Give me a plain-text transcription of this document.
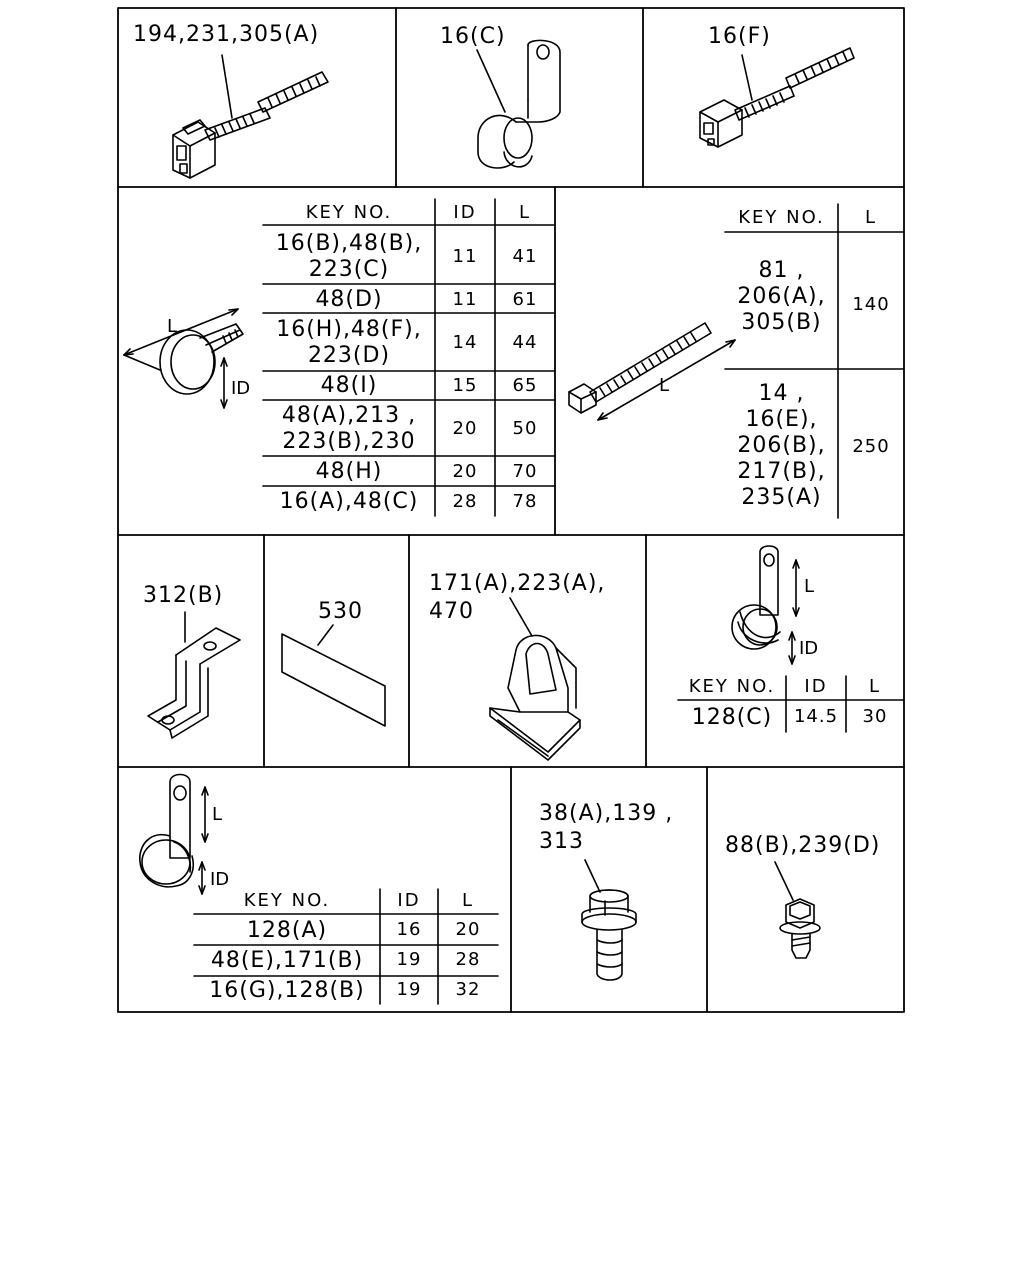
194,231,305(A)	16(C)	16(F)
L
ID
KEY NO.	ID	L
16(B),48(B),
223(C)
11	41
48(D)	11	61
16(H),48(F),
223(D)
14	44
48(I)	15	65
48(A),213 ,
223(B),230
20	50
48(H)	20	70
16(A),48(C)	28	78
L
KEY NO.	L
81 ,
206(A),
305(B)
140
14 ,
16(E),
206(B),
217(B),
235(A)
250
312(B)
530
171(A),223(A),
470
L
ID
KEY NO.	ID	L
128(C)	14.5	30
L
ID
KEY NO.	ID	L
128(A)	16	20
48(E),171(B)	19	28
16(G),128(B)	19	32
38(A),139 ,
313	88(B),239(D)
